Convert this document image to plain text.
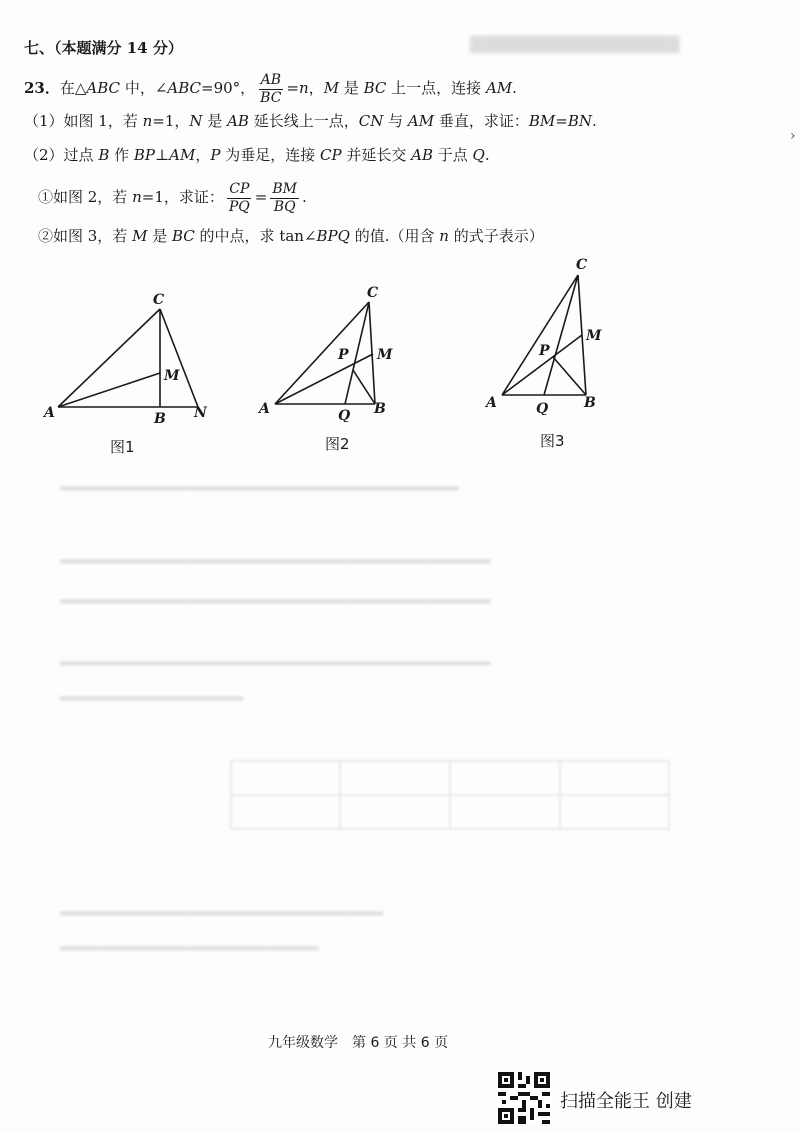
▇▇▇▇▇▇▇▇▇▇▇▇▇▇▇▇
▂▂▂▂▂▂▂▂▂▂▂▂▂▂▂▂▂▂▂▂▂▂▂▂▂▂▂▂▂▂▂▂▂▂▂▂▂
▂▂▂▂▂▂▂▂▂▂▂▂▂▂▂▂▂▂▂▂▂▂▂▂▂▂▂▂▂▂▂▂▂▂▂▂▂▂▂▂
▂▂▂▂▂▂▂▂▂▂▂▂▂▂▂▂▂▂▂▂▂▂▂▂▂▂▂▂▂▂▂▂▂▂▂▂▂▂▂▂
▂▂▂▂▂▂▂▂▂▂▂▂▂▂▂▂▂▂▂▂▂▂▂▂▂▂▂▂▂▂▂▂▂▂▂▂▂▂▂▂
▂▂▂▂▂▂▂▂▂▂▂▂▂▂▂▂▂
▂▂▂▂▂▂▂▂▂▂▂▂▂▂▂▂▂▂▂▂▂▂▂▂▂▂▂▂▂▂
▂▂▂▂▂▂▂▂▂▂▂▂▂▂▂▂▂▂▂▂▂▂▂▂
七、（本题满分 14 分）
23．在△ABC 中，∠ABC=90°， $\frac{AB}{BC} =n$，M 是 BC 上一点，连接 AM.
（1）如图 1，若 n=1，N 是 AB 延长线上一点，CN 与 AM 垂直，求证：BM=BN.
（2）过点 B 作 BP⊥AM，P 为垂足，连接 CP 并延长交 AB 于点 Q.
①如图 2，若 n=1，求证： $\frac{CP}{PQ} = \frac{BM}{BQ}$ .
②如图 3，若 M 是 BC 的中点，求 tan∠BPQ 的值.（用含 n 的式子表示）
C
A	B
M
N
图1
C
A	B
M
P
Q
图2
C
A	B
M
P
Q
图3
›
九年级数学　第 6 页 共 6 页
扫描全能王 创建
